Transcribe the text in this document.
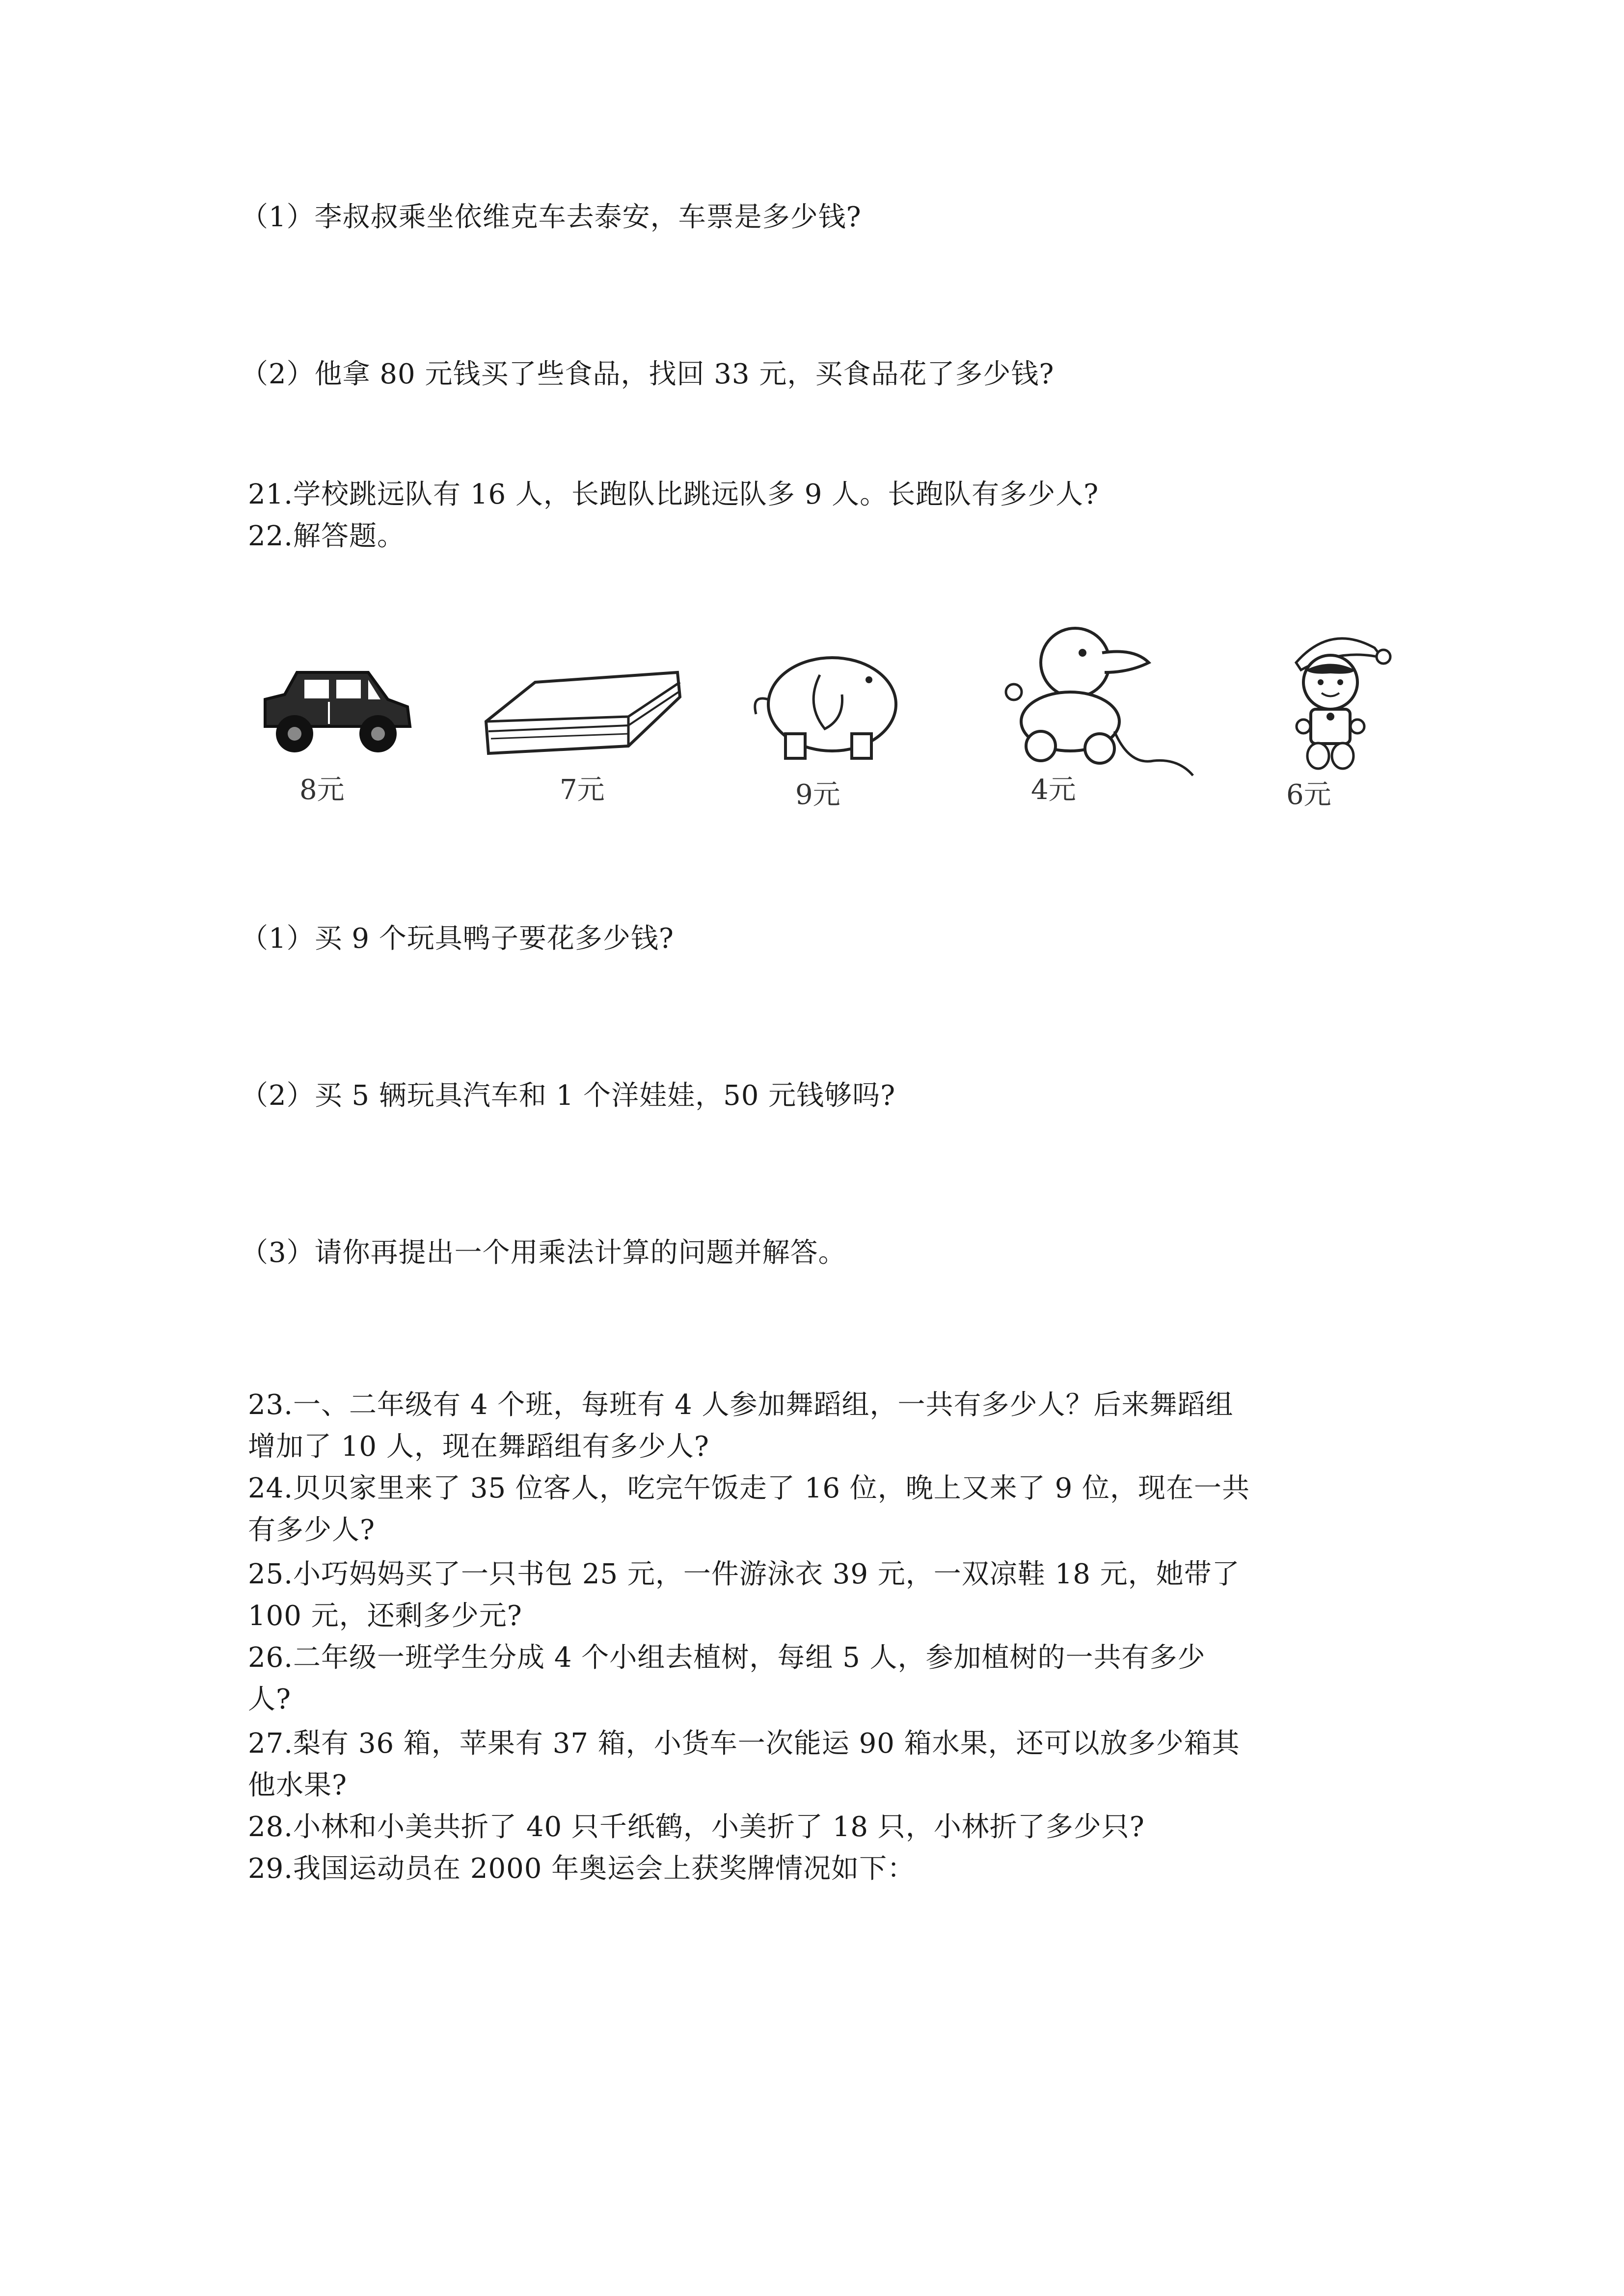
（1）李叔叔乘坐依维克车去泰安，车票是多少钱?
（2）他拿 80 元钱买了些食品，找回 33 元，买食品花了多少钱?
21.学校跳远队有 16 人，长跑队比跳远队多 9 人。长跑队有多少人?
22.解答题。
8元	7元	9元	4元	6元
（1）买 9 个玩具鸭子要花多少钱?
（2）买 5 辆玩具汽车和 1 个洋娃娃，50 元钱够吗?
（3）请你再提出一个用乘法计算的问题并解答。
23.一、二年级有 4 个班，每班有 4 人参加舞蹈组，一共有多少人？后来舞蹈组
增加了 10 人，现在舞蹈组有多少人?
24.贝贝家里来了 35 位客人，吃完午饭走了 16 位，晚上又来了 9 位，现在一共
有多少人?
25.小巧妈妈买了一只书包 25 元，一件游泳衣 39 元，一双凉鞋 18 元，她带了
100 元，还剩多少元?
26.二年级一班学生分成 4 个小组去植树，每组 5 人，参加植树的一共有多少
人?
27.梨有 36 箱，苹果有 37 箱，小货车一次能运 90 箱水果，还可以放多少箱其
他水果?
28.小林和小美共折了 40 只千纸鹤，小美折了 18 只，小林折了多少只?
29.我国运动员在 2000 年奥运会上获奖牌情况如下：
